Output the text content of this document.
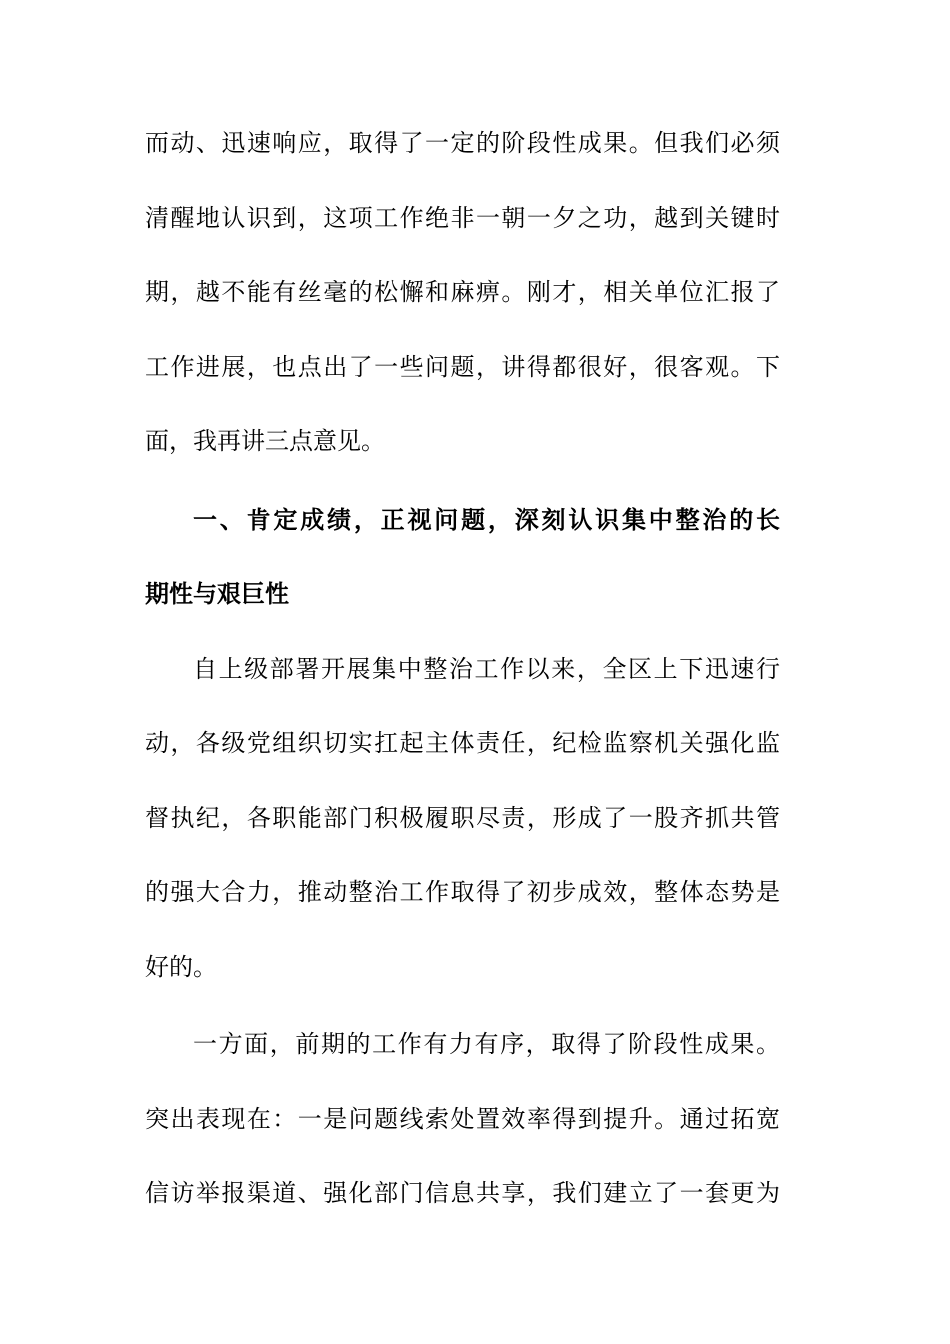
而动、迅速响应，取得了一定的阶段性成果。但我们必须
清醒地认识到，这项工作绝非一朝一夕之功，越到关键时
期，越不能有丝毫的松懈和麻痹。刚才，相关单位汇报了
工作进展，也点出了一些问题，讲得都很好，很客观。下
面，我再讲三点意见。
一、肯定成绩，正视问题，深刻认识集中整治的长
期性与艰巨性
自上级部署开展集中整治工作以来，全区上下迅速行
动，各级党组织切实扛起主体责任，纪检监察机关强化监
督执纪，各职能部门积极履职尽责，形成了一股齐抓共管
的强大合力，推动整治工作取得了初步成效，整体态势是
好的。
一方面，前期的工作有力有序，取得了阶段性成果。
突出表现在：一是问题线索处置效率得到提升。通过拓宽
信访举报渠道、强化部门信息共享，我们建立了一套更为
